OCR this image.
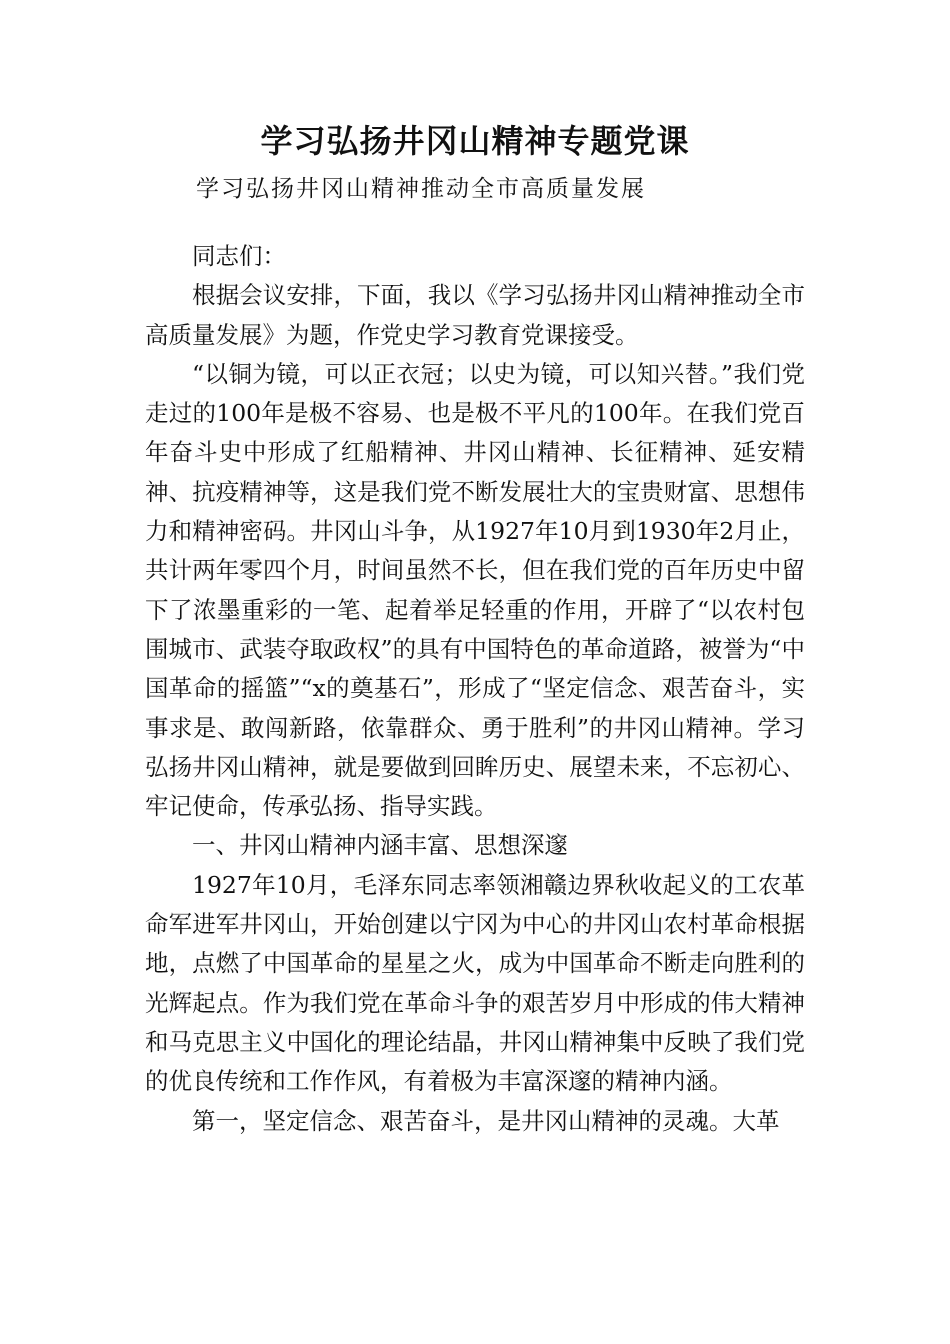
学习弘扬井冈山精神专题党课
学习弘扬井冈山精神推动全市高质量发展

同志们：

根据会议安排，下面，我以《学习弘扬井冈山精神推动全市高质量发展》为题，作党史学习教育党课接受。

“以铜为镜，可以正衣冠；以史为镜，可以知兴替。”我们党走过的100年是极不容易、也是极不平凡的100年。在我们党百年奋斗史中形成了红船精神、井冈山精神、长征精神、延安精神、抗疫精神等，这是我们党不断发展壮大的宝贵财富、思想伟力和精神密码。井冈山斗争，从1927年10月到1930年2月止，共计两年零四个月，时间虽然不长，但在我们党的百年历史中留下了浓墨重彩的一笔、起着举足轻重的作用，开辟了“以农村包围城市、武装夺取政权”的具有中国特色的革命道路，被誉为“中国革命的摇篮”“x的奠基石”，形成了“坚定信念、艰苦奋斗，实事求是、敢闯新路，依靠群众、勇于胜利”的井冈山精神。学习弘扬井冈山精神，就是要做到回眸历史、展望未来，不忘初心、牢记使命，传承弘扬、指导实践。

一、井冈山精神内涵丰富、思想深邃

1927年10月，毛泽东同志率领湘赣边界秋收起义的工农革命军进军井冈山，开始创建以宁冈为中心的井冈山农村革命根据地，点燃了中国革命的星星之火，成为中国革命不断走向胜利的光辉起点。作为我们党在革命斗争的艰苦岁月中形成的伟大精神和马克思主义中国化的理论结晶，井冈山精神集中反映了我们党的优良传统和工作作风，有着极为丰富深邃的精神内涵。

第一，坚定信念、艰苦奋斗，是井冈山精神的灵魂。大革
